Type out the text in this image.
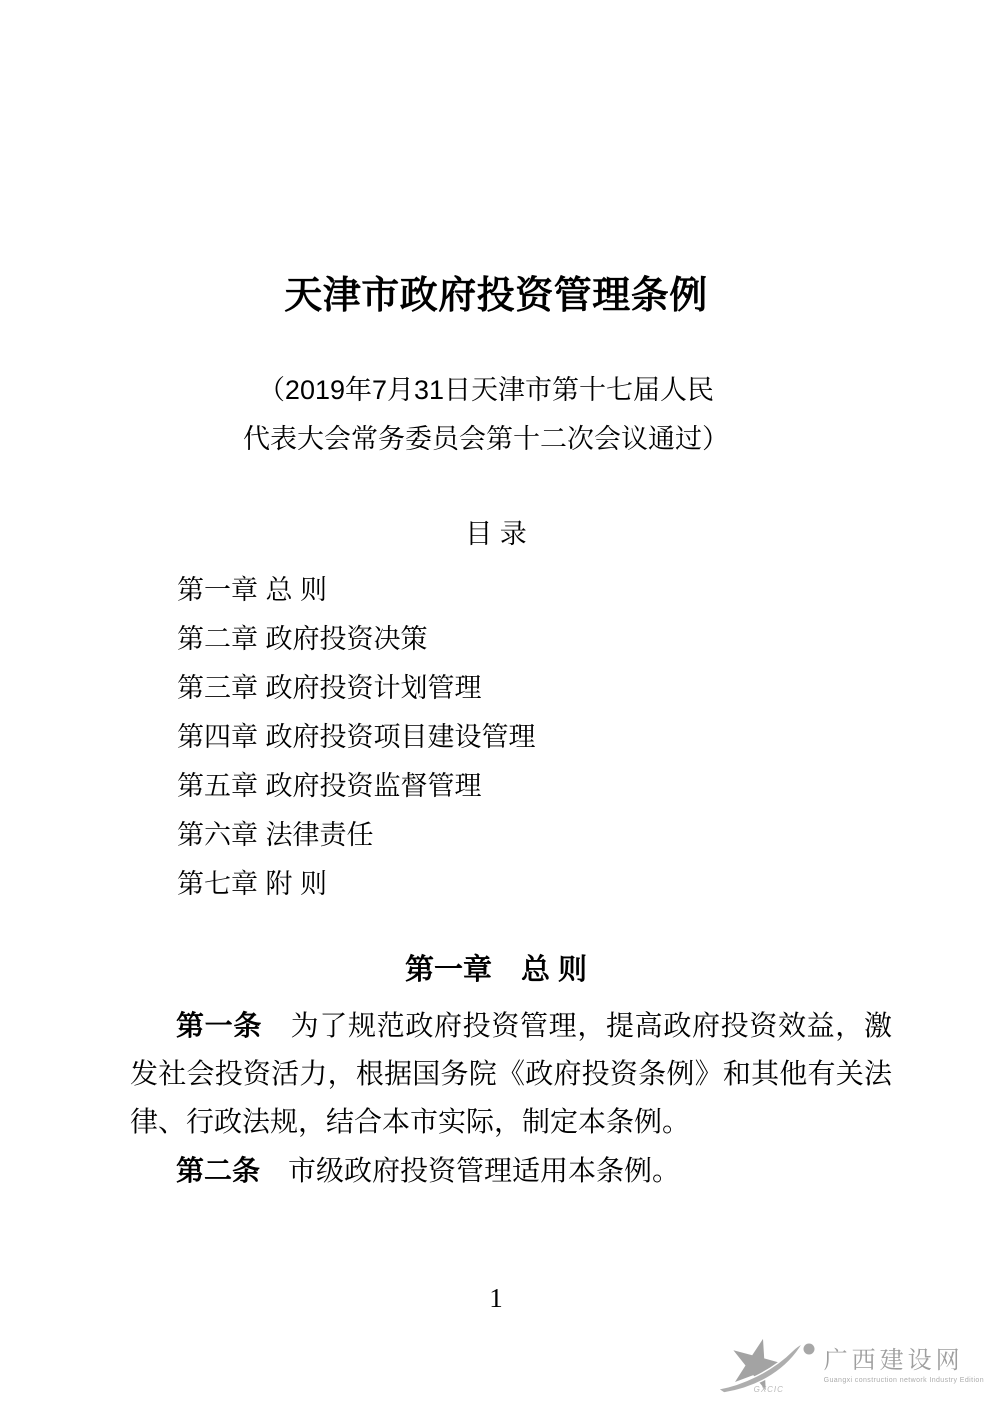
天津市政府投资管理条例
（2019年7月31日天津市第十七届人民
代表大会常务委员会第十二次会议通过）
目 录
第一章 总 则
第二章 政府投资决策
第三章 政府投资计划管理
第四章 政府投资项目建设管理
第五章 政府投资监督管理
第六章 法律责任
第七章 附 则
第一章　总 则

第一条　为了规范政府投资管理，提高政府投资效益，激发社会投资活力，根据国务院《政府投资条例》和其他有关法律、行政法规，结合本市实际，制定本条例。

第二条　市级政府投资管理适用本条例。

1
GXCIC
广西建设网
Guangxi construction network Industry Edition
